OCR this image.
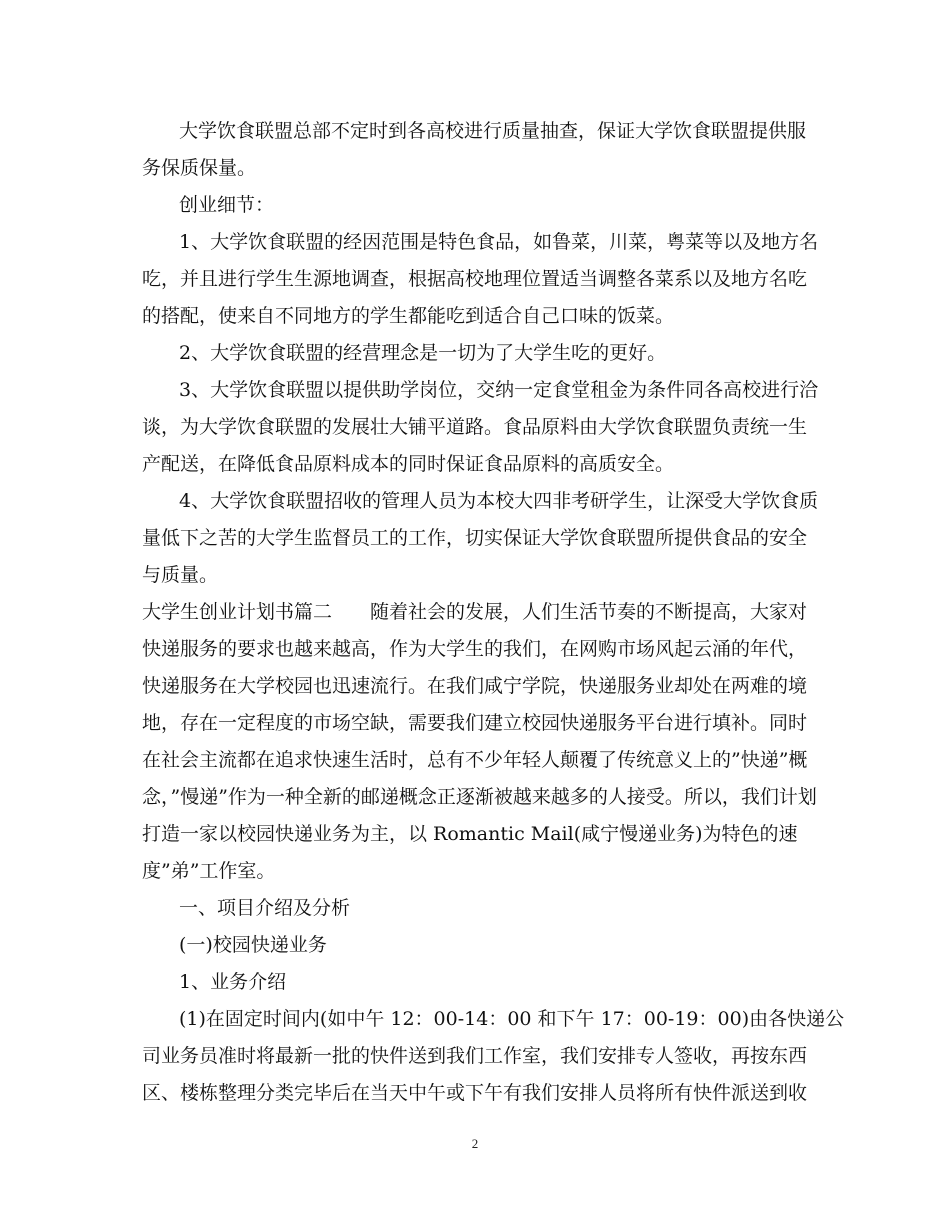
大学饮食联盟总部不定时到各高校进行质量抽查，保证大学饮食联盟提供服
务保质保量。
创业细节：
1、大学饮食联盟的经因范围是特色食品，如鲁菜，川菜，粤菜等以及地方名
吃，并且进行学生生源地调查，根据高校地理位置适当调整各菜系以及地方名吃
的搭配，使来自不同地方的学生都能吃到适合自己口味的饭菜。
2、大学饮食联盟的经营理念是一切为了大学生吃的更好。
3、大学饮食联盟以提供助学岗位，交纳一定食堂租金为条件同各高校进行洽
谈，为大学饮食联盟的发展壮大铺平道路。食品原料由大学饮食联盟负责统一生
产配送，在降低食品原料成本的同时保证食品原料的高质安全。
4、大学饮食联盟招收的管理人员为本校大四非考研学生，让深受大学饮食质
量低下之苦的大学生监督员工的工作，切实保证大学饮食联盟所提供食品的安全
与质量。
大学生创业计划书篇二　　随着社会的发展，人们生活节奏的不断提高，大家对
快递服务的要求也越来越高，作为大学生的我们，在网购市场风起云涌的年代，
快递服务在大学校园也迅速流行。在我们咸宁学院，快递服务业却处在两难的境
地，存在一定程度的市场空缺，需要我们建立校园快递服务平台进行填补。同时
在社会主流都在追求快速生活时，总有不少年轻人颠覆了传统意义上的”快递”概
念，”慢递”作为一种全新的邮递概念正逐渐被越来越多的人接受。所以，我们计划
打造一家以校园快递业务为主，以 Romantic Mail(咸宁慢递业务)为特色的速
度”弟”工作室。
一、项目介绍及分析
(一)校园快递业务
1、业务介绍
(1)在固定时间内(如中午 12：00-14：00 和下午 17：00-19：00)由各快递公
司业务员准时将最新一批的快件送到我们工作室，我们安排专人签收，再按东西
区、楼栋整理分类完毕后在当天中午或下午有我们安排人员将所有快件派送到收
2
